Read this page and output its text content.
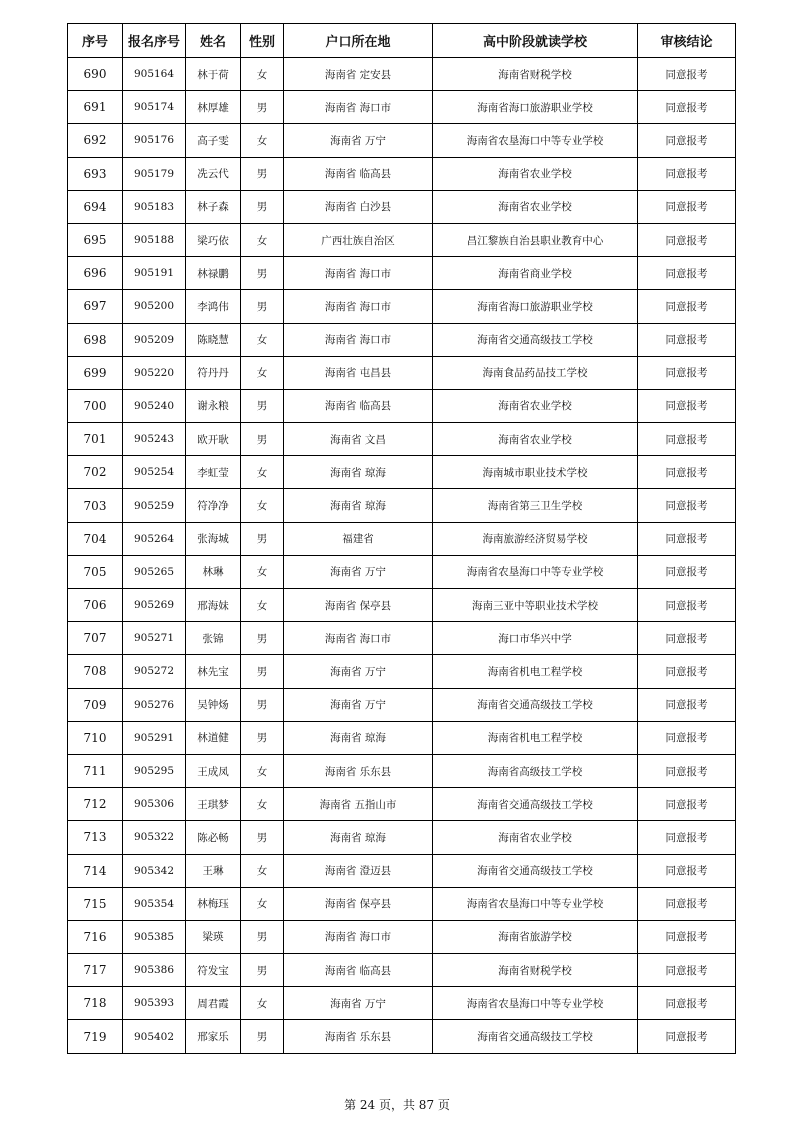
序号	报名序号	姓名	性别	户口所在地	高中阶段就读学校	审核结论
690	905164	林于荷	女	海南省 定安县	海南省财税学校	同意报考
691	905174	林厚雄	男	海南省 海口市	海南省海口旅游职业学校	同意报考
692	905176	高子雯	女	海南省 万宁	海南省农垦海口中等专业学校	同意报考
693	905179	冼云代	男	海南省 临高县	海南省农业学校	同意报考
694	905183	林子森	男	海南省 白沙县	海南省农业学校	同意报考
695	905188	梁巧依	女	广西壮族自治区	昌江黎族自治县职业教育中心	同意报考
696	905191	林禄鹏	男	海南省 海口市	海南省商业学校	同意报考
697	905200	李鸿伟	男	海南省 海口市	海南省海口旅游职业学校	同意报考
698	905209	陈晓慧	女	海南省 海口市	海南省交通高级技工学校	同意报考
699	905220	符丹丹	女	海南省 屯昌县	海南食品药品技工学校	同意报考
700	905240	谢永粮	男	海南省 临高县	海南省农业学校	同意报考
701	905243	欧开耿	男	海南省 文昌	海南省农业学校	同意报考
702	905254	李虹莹	女	海南省 琼海	海南城市职业技术学校	同意报考
703	905259	符净净	女	海南省 琼海	海南省第三卫生学校	同意报考
704	905264	张海城	男	福建省	海南旅游经济贸易学校	同意报考
705	905265	林琳	女	海南省 万宁	海南省农垦海口中等专业学校	同意报考
706	905269	邢海妹	女	海南省 保亭县	海南三亚中等职业技术学校	同意报考
707	905271	张锦	男	海南省 海口市	海口市华兴中学	同意报考
708	905272	林先宝	男	海南省 万宁	海南省机电工程学校	同意报考
709	905276	吴钟炀	男	海南省 万宁	海南省交通高级技工学校	同意报考
710	905291	林道健	男	海南省 琼海	海南省机电工程学校	同意报考
711	905295	王成凤	女	海南省 乐东县	海南省高级技工学校	同意报考
712	905306	王琪梦	女	海南省 五指山市	海南省交通高级技工学校	同意报考
713	905322	陈必畅	男	海南省 琼海	海南省农业学校	同意报考
714	905342	王琳	女	海南省 澄迈县	海南省交通高级技工学校	同意报考
715	905354	林梅珏	女	海南省 保亭县	海南省农垦海口中等专业学校	同意报考
716	905385	梁瑛	男	海南省 海口市	海南省旅游学校	同意报考
717	905386	符发宝	男	海南省 临高县	海南省财税学校	同意报考
718	905393	周君霞	女	海南省 万宁	海南省农垦海口中等专业学校	同意报考
719	905402	邢家乐	男	海南省 乐东县	海南省交通高级技工学校	同意报考
第 24 页，共 87 页
